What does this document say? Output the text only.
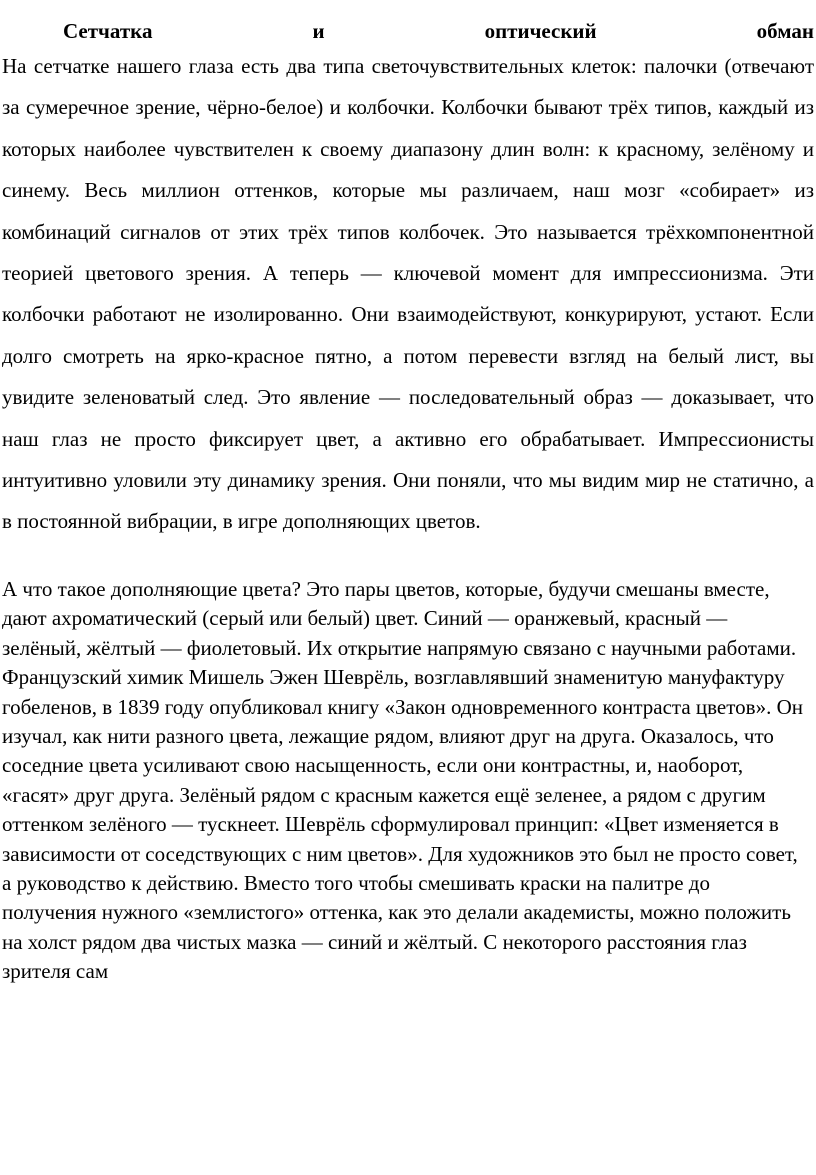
Сетчатка	и	оптический	обман

На сетчатке нашего глаза есть два типа светочувствительных клеток: палочки (отвечают за сумеречное зрение, чёрно-белое) и колбочки. Колбочки бывают трёх типов, каждый из которых наиболее чувствителен к своему диапазону длин волн: к красному, зелёному и синему. Весь миллион оттенков, которые мы различаем, наш мозг «собирает» из комбинаций сигналов от этих трёх типов колбочек. Это называется трёхкомпонентной теорией цветового зрения. А теперь — ключевой момент для импрессионизма. Эти колбочки работают не изолированно. Они взаимодействуют, конкурируют, устают. Если долго смотреть на ярко-красное пятно, а потом перевести взгляд на белый лист, вы увидите зеленоватый след. Это явление — последовательный образ — доказывает, что наш глаз не просто фиксирует цвет, а активно его обрабатывает. Импрессионисты интуитивно уловили эту динамику зрения. Они поняли, что мы видим мир не статично, а в постоянной вибрации, в игре дополняющих цветов.

А что такое дополняющие цвета? Это пары цветов, которые, будучи смешаны вместе, дают ахроматический (серый или белый) цвет. Синий — оранжевый, красный — зелёный, жёлтый — фиолетовый. Их открытие напрямую связано с научными работами. Французский химик Мишель Эжен Шеврёль, возглавлявший знаменитую мануфактуру гобеленов, в 1839 году опубликовал книгу «Закон одновременного контраста цветов». Он изучал, как нити разного цвета, лежащие рядом, влияют друг на друга. Оказалось, что соседние цвета усиливают свою насыщенность, если они контрастны, и, наоборот, «гасят» друг друга. Зелёный рядом с красным кажется ещё зеленее, а рядом с другим оттенком зелёного — тускнеет. Шеврёль сформулировал принцип: «Цвет изменяется в зависимости от соседствующих с ним цветов». Для художников это был не просто совет, а руководство к действию. Вместо того чтобы смешивать краски на палитре до получения нужного «землистого» оттенка, как это делали академисты, можно положить на холст рядом два чистых мазка — синий и жёлтый. С некоторого расстояния глаз зрителя сам
